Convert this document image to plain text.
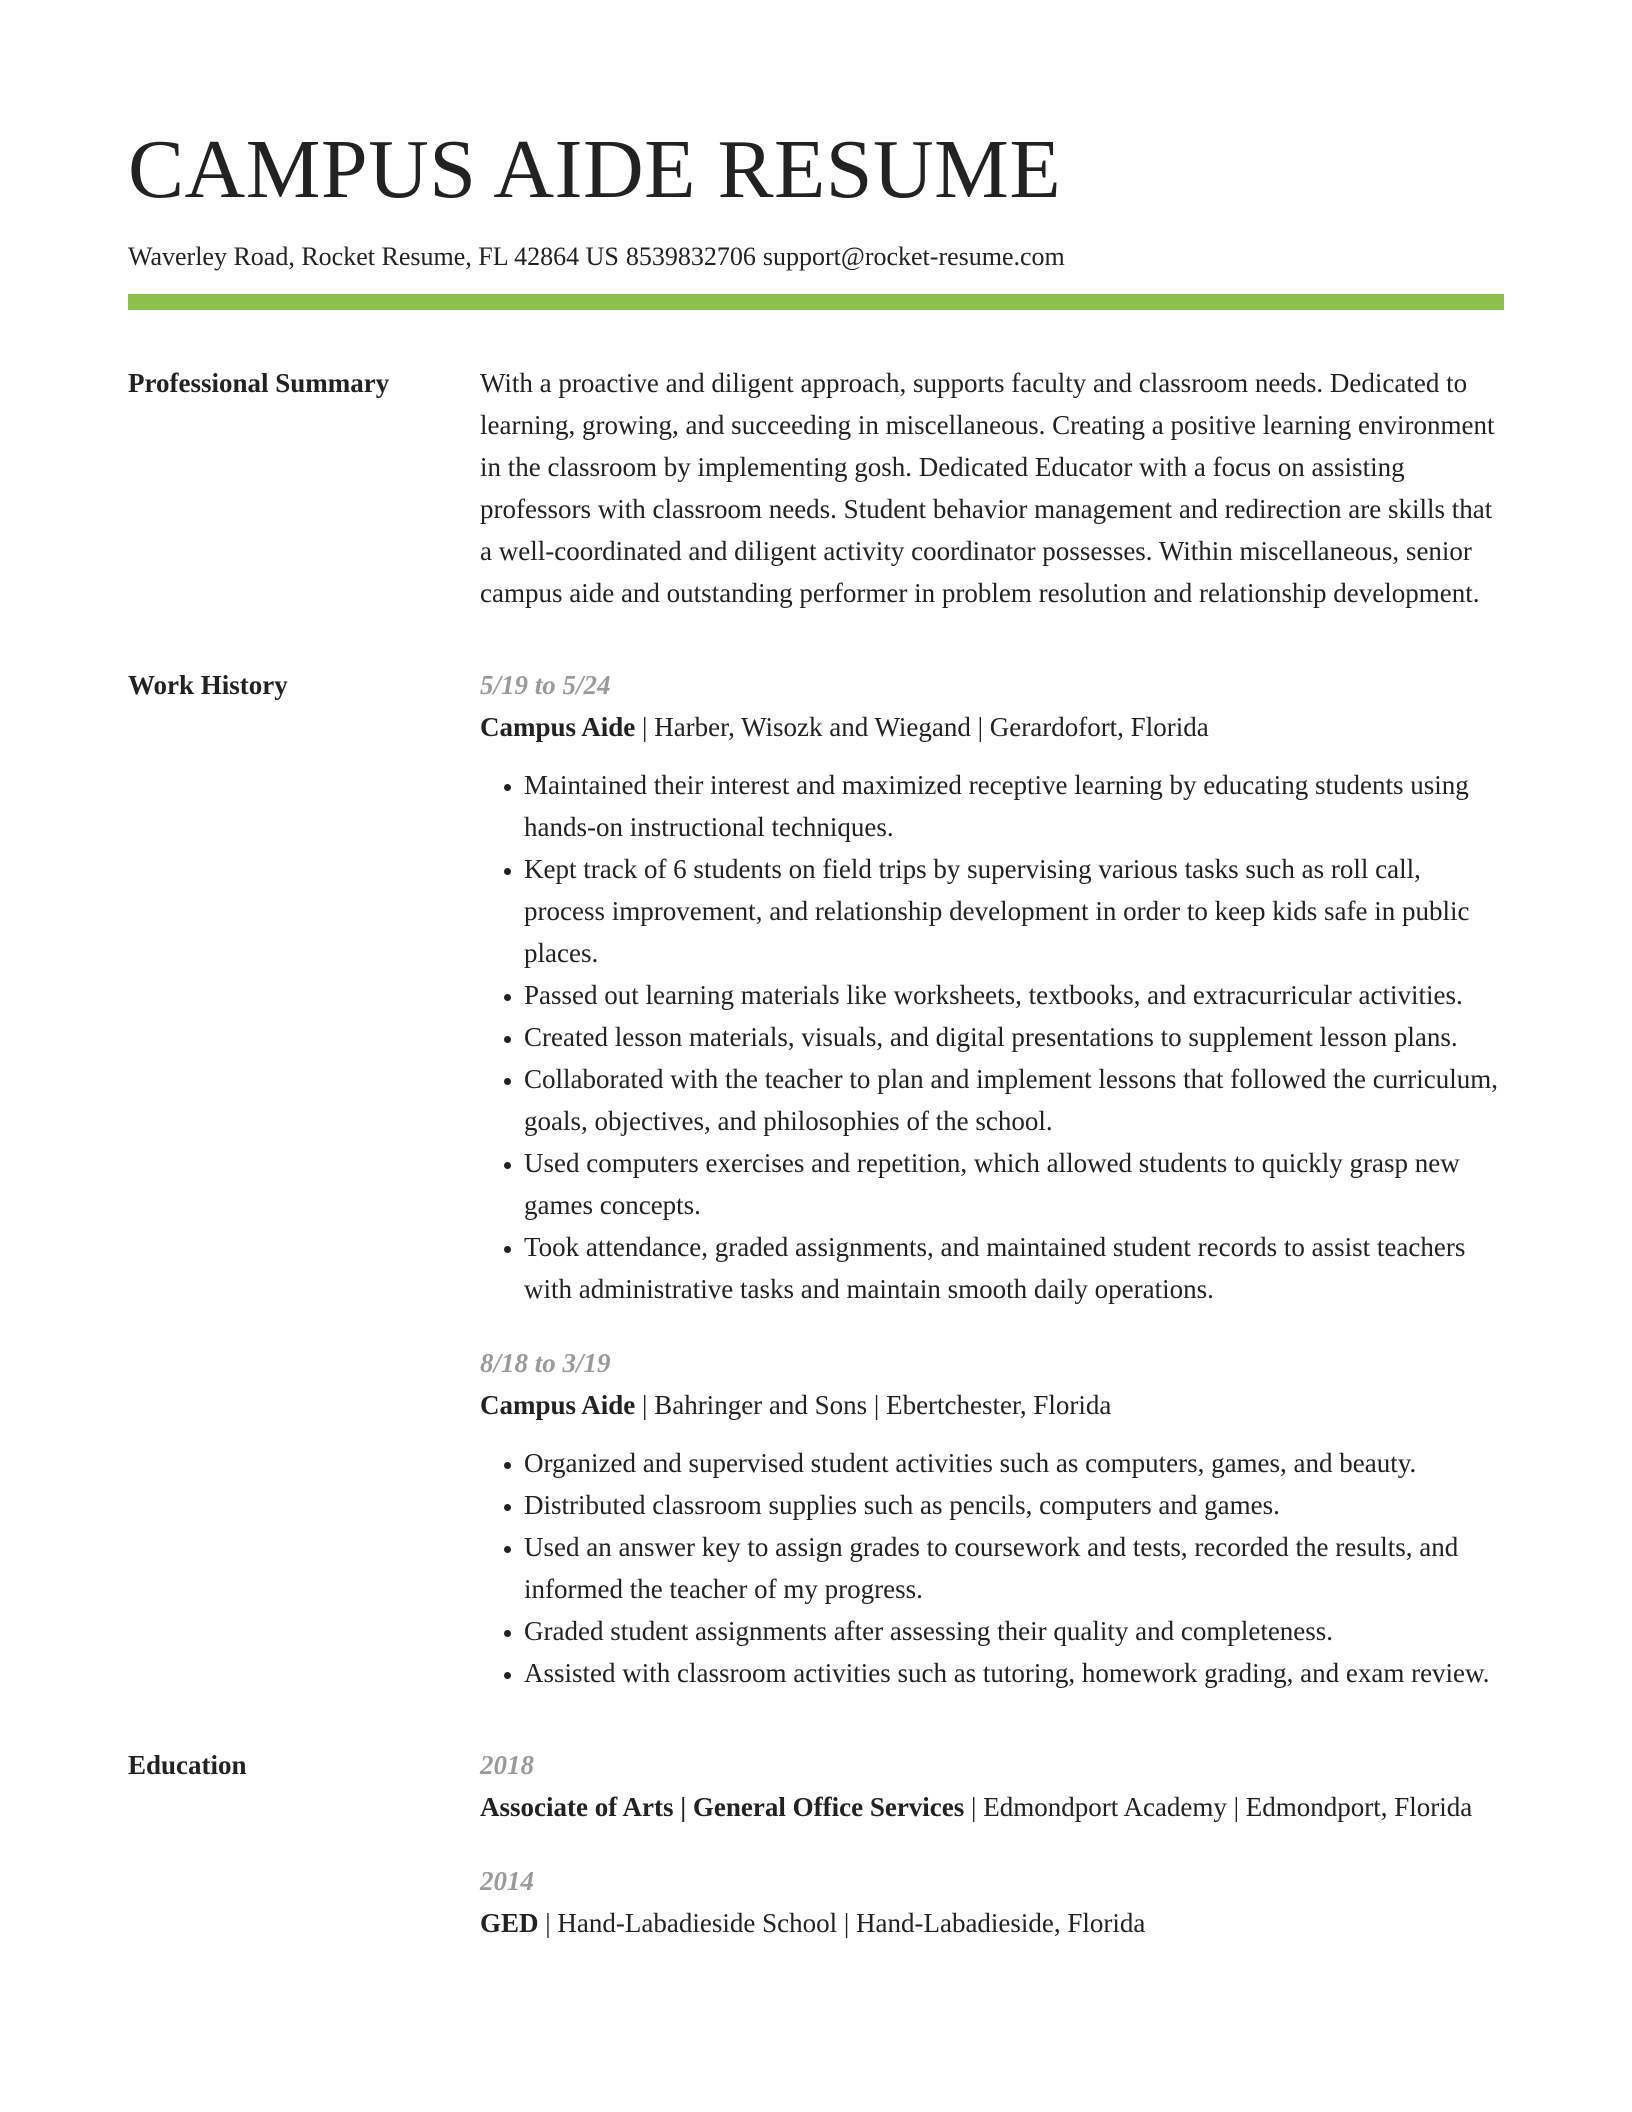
CAMPUS AIDE RESUME
Waverley Road, Rocket Resume, FL 42864 US 8539832706 support@rocket-resume.com
Professional Summary	With a proactive and diligent approach, supports faculty and classroom needs. Dedicated to learning, growing, and succeeding in miscellaneous. Creating a positive learning environment in the classroom by implementing gosh. Dedicated Educator with a focus on assisting professors with classroom needs. Student behavior management and redirection are skills that a well-coordinated and diligent activity coordinator possesses. Within miscellaneous, senior campus aide and outstanding performer in problem resolution and relationship development.

Work History	5/19 to 5/24
Campus Aide | Harber, Wisozk and Wiegand | Gerardofort, Florida
• Maintained their interest and maximized receptive learning by educating students using hands-on instructional techniques.
• Kept track of 6 students on field trips by supervising various tasks such as roll call, process improvement, and relationship development in order to keep kids safe in public places.
• Passed out learning materials like worksheets, textbooks, and extracurricular activities.
• Created lesson materials, visuals, and digital presentations to supplement lesson plans.
• Collaborated with the teacher to plan and implement lessons that followed the curriculum, goals, objectives, and philosophies of the school.
• Used computers exercises and repetition, which allowed students to quickly grasp new games concepts.
• Took attendance, graded assignments, and maintained student records to assist teachers with administrative tasks and maintain smooth daily operations.
8/18 to 3/19
Campus Aide | Bahringer and Sons | Ebertchester, Florida
• Organized and supervised student activities such as computers, games, and beauty.
• Distributed classroom supplies such as pencils, computers and games.
• Used an answer key to assign grades to coursework and tests, recorded the results, and informed the teacher of my progress.
• Graded student assignments after assessing their quality and completeness.
• Assisted with classroom activities such as tutoring, homework grading, and exam review.
Education	2018
Associate of Arts | General Office Services | Edmondport Academy | Edmondport, Florida
2014
GED | Hand-Labadieside School | Hand-Labadieside, Florida
